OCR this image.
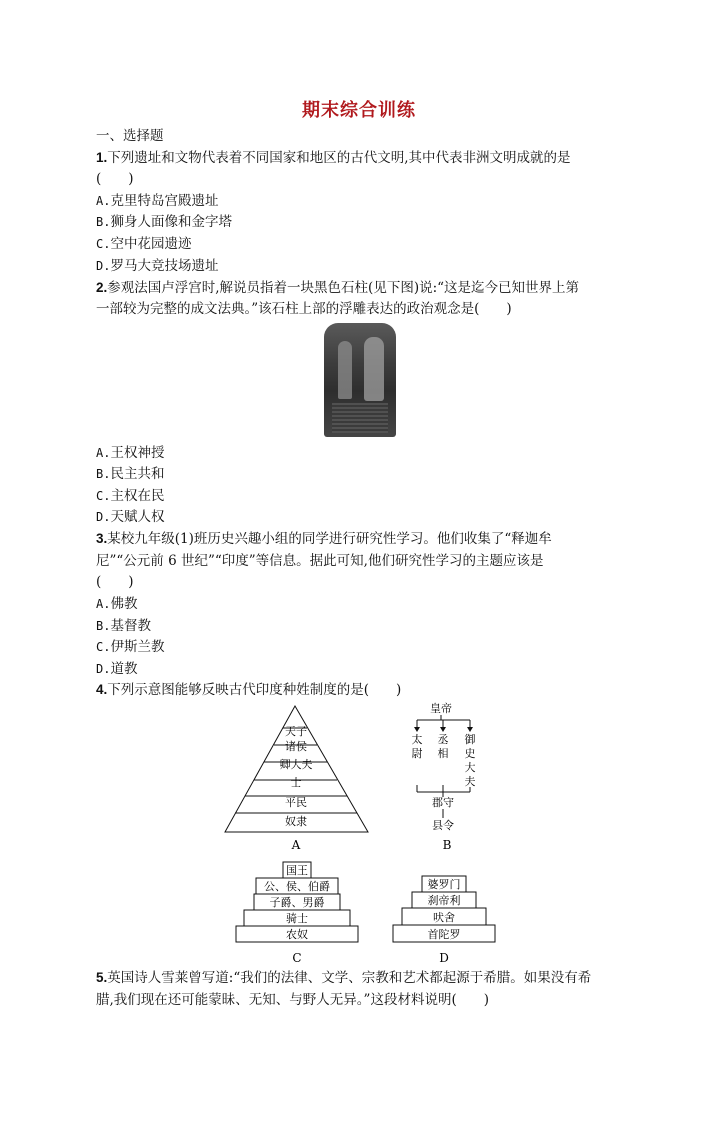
期末综合训练
一、选择题
1.下列遗址和文物代表着不同国家和地区的古代文明,其中代表非洲文明成就的是
(　　)
A.克里特岛宫殿遗址
B.狮身人面像和金字塔
C.空中花园遗迹
D.罗马大竞技场遗址
2.参观法国卢浮宫时,解说员指着一块黑色石柱(见下图)说:“这是迄今已知世界上第
一部较为完整的成文法典。”该石柱上部的浮雕表达的政治观念是(　　)
A.王权神授
B.民主共和
C.主权在民
D.天赋人权
3.某校九年级(1)班历史兴趣小组的同学进行研究性学习。他们收集了“释迦牟
尼”“公元前 6 世纪”“印度”等信息。据此可知,他们研究性学习的主题应该是
(　　)
A.佛教
B.基督教
C.伊斯兰教
D.道教
4.下列示意图能够反映古代印度种姓制度的是(　　)
天子
诸侯
卿大夫
士
平民
奴隶
A
皇帝
太
尉
丞
相
御
史
大
夫
郡守
县令
B
国王
公、侯、伯爵
子爵、男爵
骑士
农奴
C
婆罗门
刹帝利
吠舍
首陀罗
D
5.英国诗人雪莱曾写道:“我们的法律、文学、宗教和艺术都起源于希腊。如果没有希
腊,我们现在还可能蒙昧、无知、与野人无异。”这段材料说明(　　)
